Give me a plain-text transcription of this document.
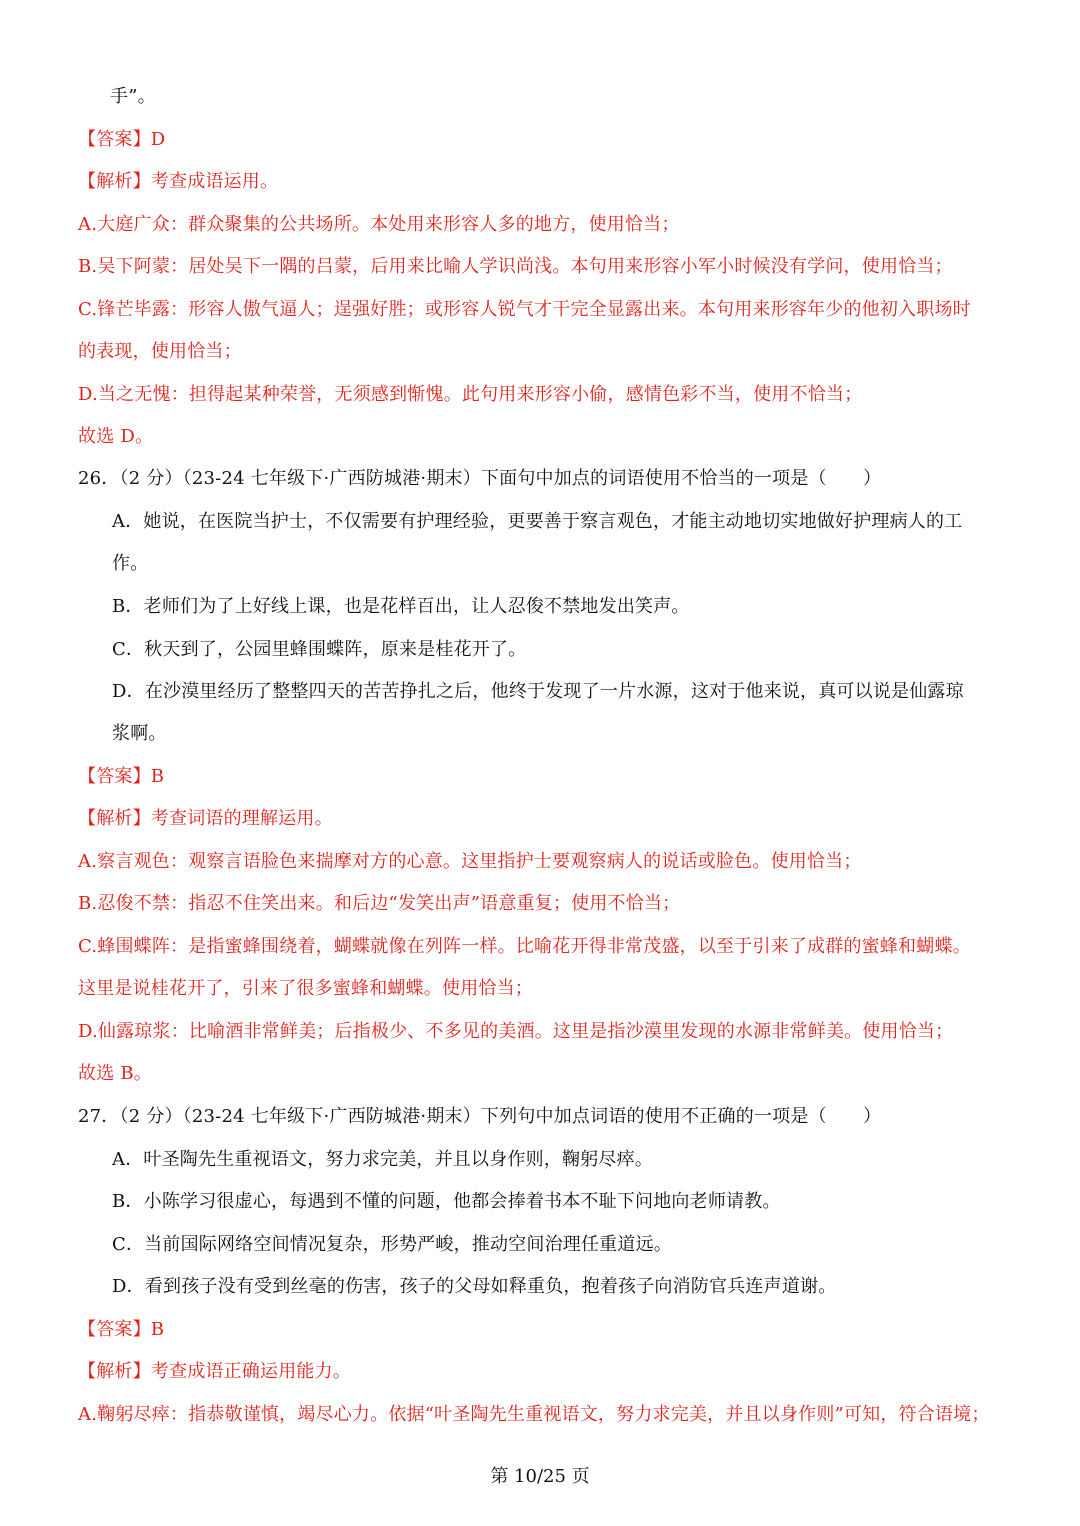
手”。
【答案】D
【解析】考查成语运用。
A.大庭广众：群众聚集的公共场所。本处用来形容人多的地方，使用恰当；
B.吴下阿蒙：居处吴下一隅的吕蒙，后用来比喻人学识尚浅。本句用来形容小军小时候没有学问，使用恰当；
C.锋芒毕露：形容人傲气逼人；逞强好胜；或形容人锐气才干完全显露出来。本句用来形容年少的他初入职场时
的表现，使用恰当；
D.当之无愧：担得起某种荣誉，无须感到惭愧。此句用来形容小偷，感情色彩不当，使用不恰当；
故选 D。
26．（2 分）（23-24 七年级下·广西防城港·期末）下面句中加点的词语使用不恰当的一项是（　　）
A．她说，在医院当护士，不仅需要有护理经验，更要善于察言观色，才能主动地切实地做好护理病人的工
作。
B．老师们为了上好线上课，也是花样百出，让人忍俊不禁地发出笑声。
C．秋天到了，公园里蜂围蝶阵，原来是桂花开了。
D．在沙漠里经历了整整四天的苦苦挣扎之后，他终于发现了一片水源，这对于他来说，真可以说是仙露琼
浆啊。
【答案】B
【解析】考查词语的理解运用。
A.察言观色：观察言语脸色来揣摩对方的心意。这里指护士要观察病人的说话或脸色。使用恰当；
B.忍俊不禁：指忍不住笑出来。和后边“发笑出声”语意重复；使用不恰当；
C.蜂围蝶阵：是指蜜蜂围绕着，蝴蝶就像在列阵一样。比喻花开得非常茂盛，以至于引来了成群的蜜蜂和蝴蝶。
这里是说桂花开了，引来了很多蜜蜂和蝴蝶。使用恰当；
D.仙露琼浆：比喻酒非常鲜美；后指极少、不多见的美酒。这里是指沙漠里发现的水源非常鲜美。使用恰当；
故选 B。
27．（2 分）（23-24 七年级下·广西防城港·期末）下列句中加点词语的使用不正确的一项是（　　）
A．叶圣陶先生重视语文，努力求完美，并且以身作则，鞠躬尽瘁。
B．小陈学习很虚心，每遇到不懂的问题，他都会捧着书本不耻下问地向老师请教。
C．当前国际网络空间情况复杂，形势严峻，推动空间治理任重道远。
D．看到孩子没有受到丝毫的伤害，孩子的父母如释重负，抱着孩子向消防官兵连声道谢。
【答案】B
【解析】考查成语正确运用能力。
A.鞠躬尽瘁：指恭敬谨慎，竭尽心力。依据“叶圣陶先生重视语文，努力求完美，并且以身作则”可知，符合语境；
第 10/25 页
